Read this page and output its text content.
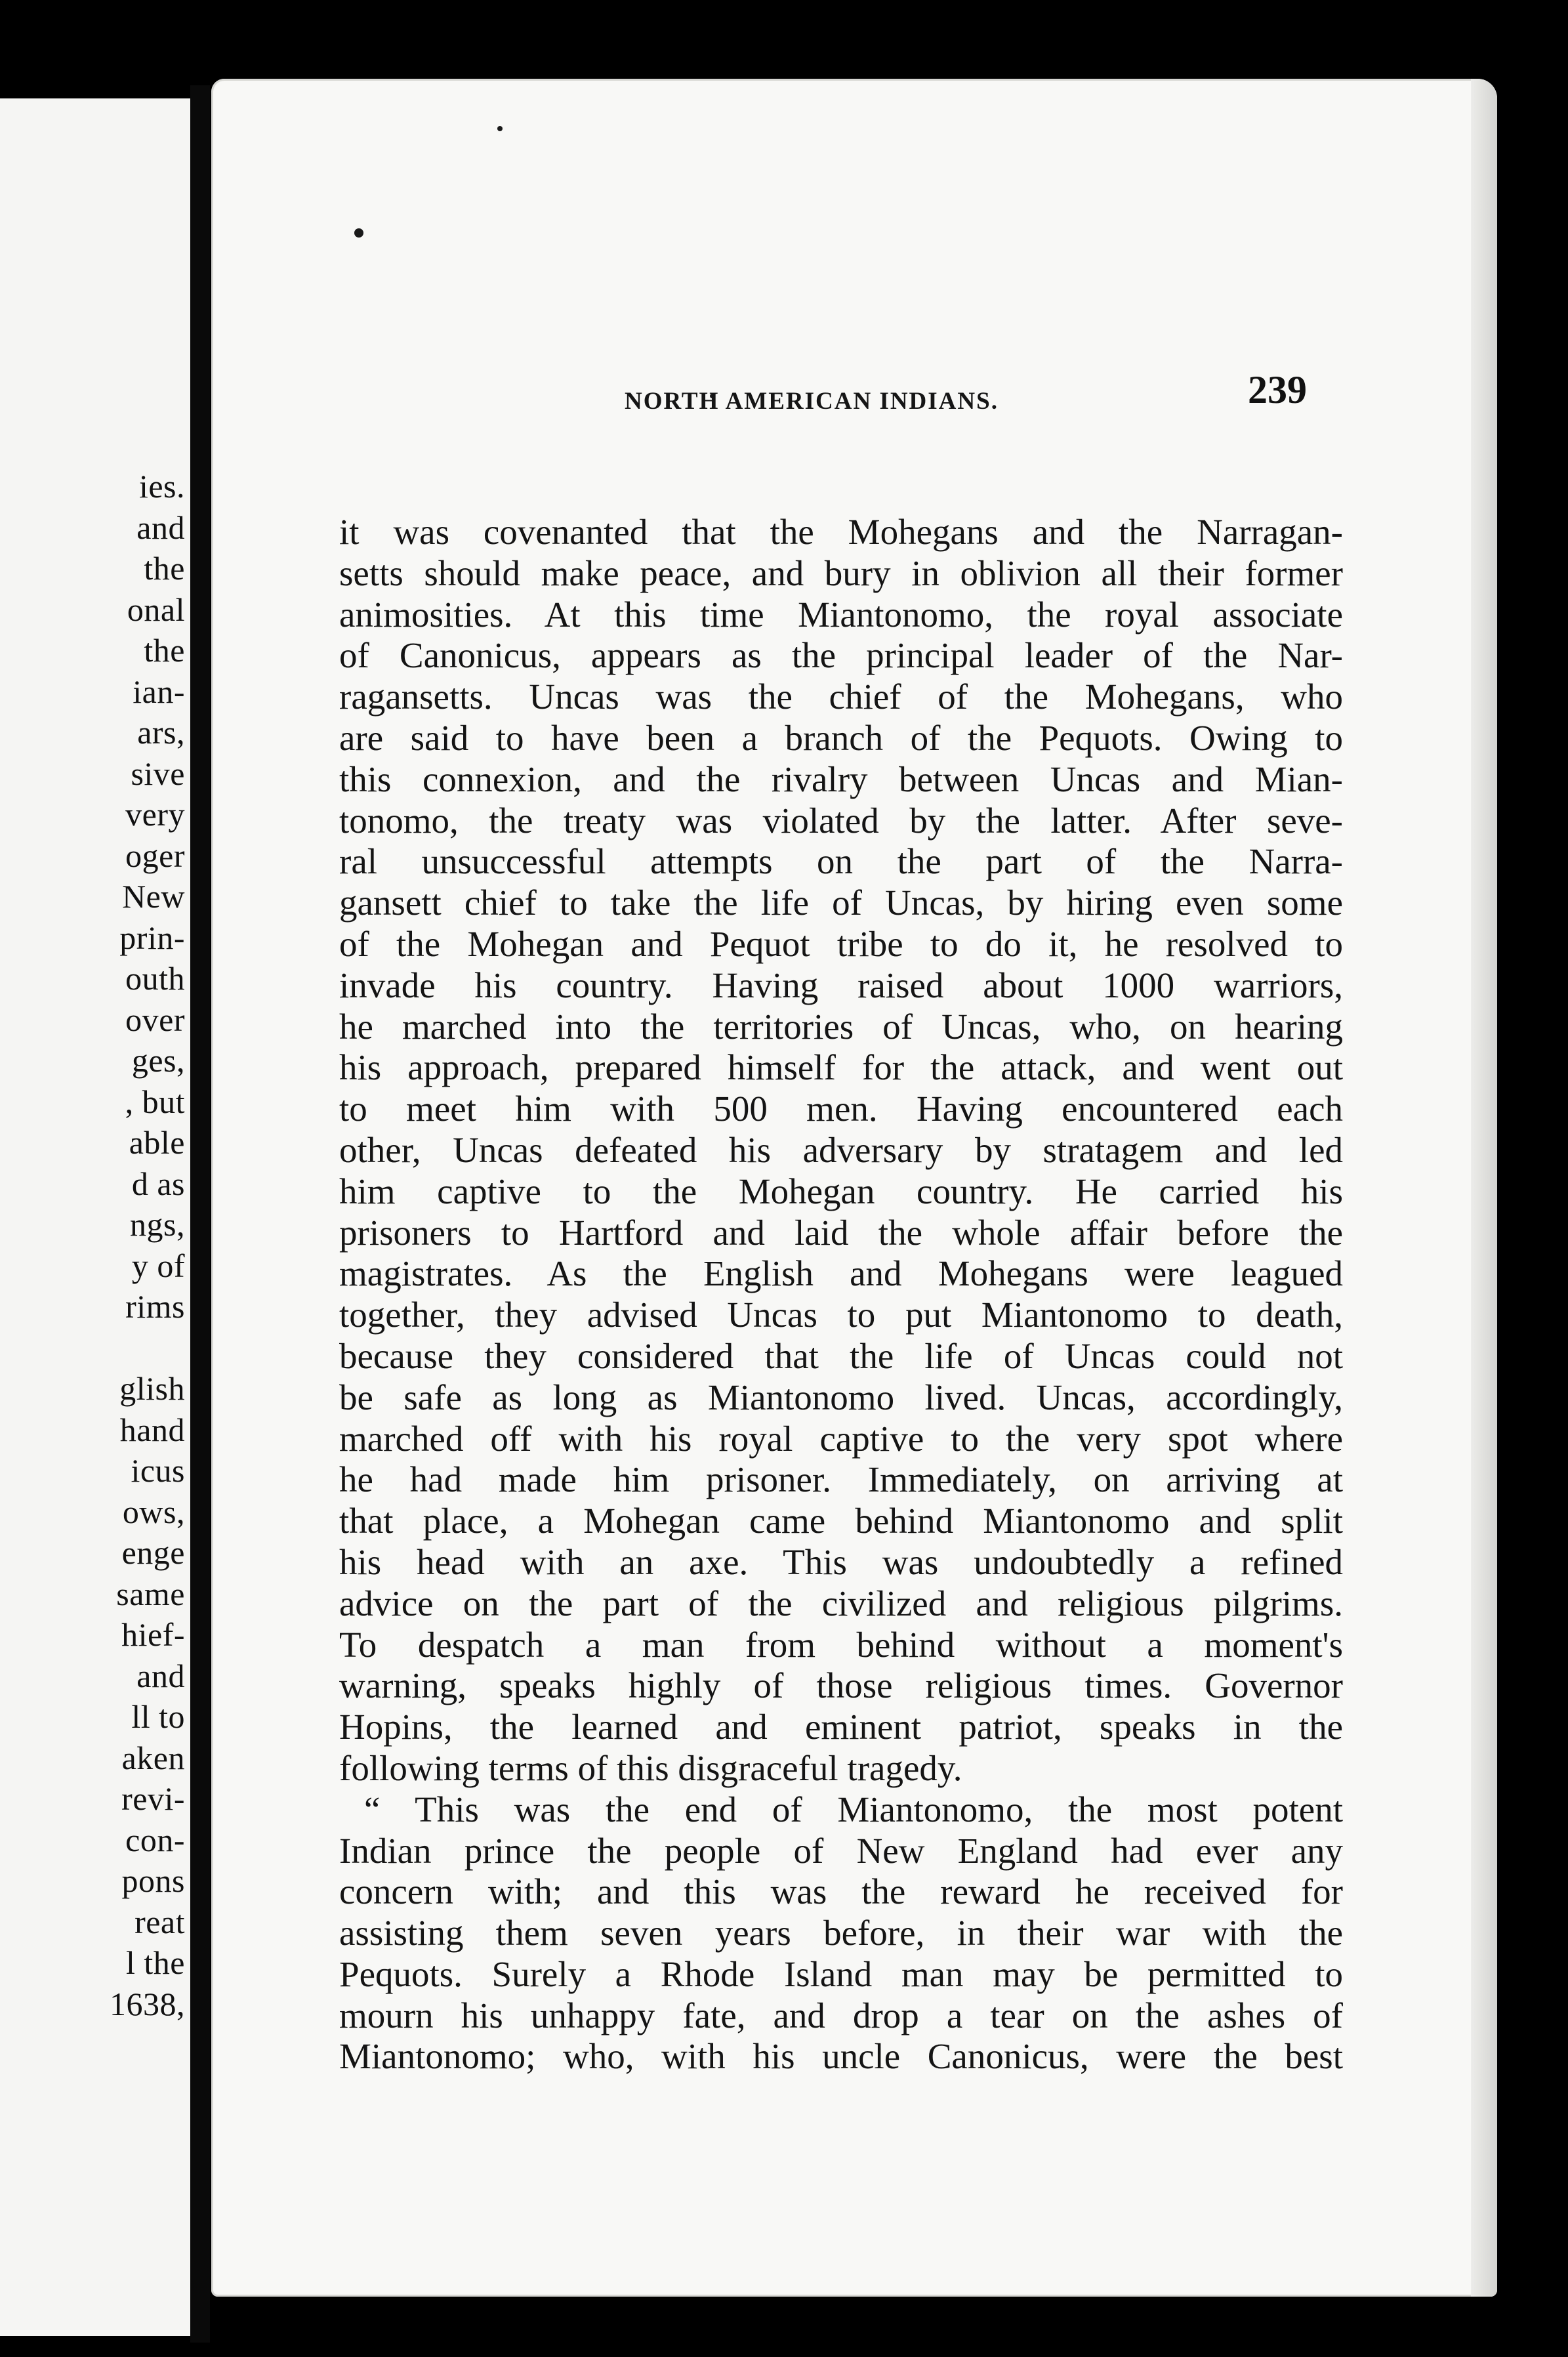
ies.
and
the
onal
the
ian-
ars,
sive
very
oger
New
prin-
outh
over
ges,
, but
able
d as
ngs,
y of
rims

glish
hand
icus
ows,
enge
same
hief-
and
ll to
aken
revi-
con-
pons
reat
l the
1638,
NORTH AMERICAN INDIANS.	239
it was covenanted that the Mohegans and the Narragan-
setts should make peace, and bury in oblivion all their former
animosities. At this time Miantonomo, the royal associate
of Canonicus, appears as the principal leader of the Nar-
ragansetts. Uncas was the chief of the Mohegans, who
are said to have been a branch of the Pequots. Owing to
this connexion, and the rivalry between Uncas and Mian-
tonomo, the treaty was violated by the latter. After seve-
ral unsuccessful attempts on the part of the Narra-
gansett chief to take the life of Uncas, by hiring even some
of the Mohegan and Pequot tribe to do it, he resolved to
invade his country. Having raised about 1000 warriors,
he marched into the territories of Uncas, who, on hearing
his approach, prepared himself for the attack, and went out
to meet him with 500 men. Having encountered each
other, Uncas defeated his adversary by stratagem and led
him captive to the Mohegan country. He carried his
prisoners to Hartford and laid the whole affair before the
magistrates. As the English and Mohegans were leagued
together, they advised Uncas to put Miantonomo to death,
because they considered that the life of Uncas could not
be safe as long as Miantonomo lived. Uncas, accordingly,
marched off with his royal captive to the very spot where
he had made him prisoner. Immediately, on arriving at
that place, a Mohegan came behind Miantonomo and split
his head with an axe. This was undoubtedly a refined
advice on the part of the civilized and religious pilgrims.
To despatch a man from behind without a moment's
warning, speaks highly of those religious times. Governor
Hopins, the learned and eminent patriot, speaks in the
following terms of this disgraceful tragedy.
“ This was the end of Miantonomo, the most potent
Indian prince the people of New England had ever any
concern with; and this was the reward he received for
assisting them seven years before, in their war with the
Pequots. Surely a Rhode Island man may be permitted to
mourn his unhappy fate, and drop a tear on the ashes of
Miantonomo; who, with his uncle Canonicus, were the best
